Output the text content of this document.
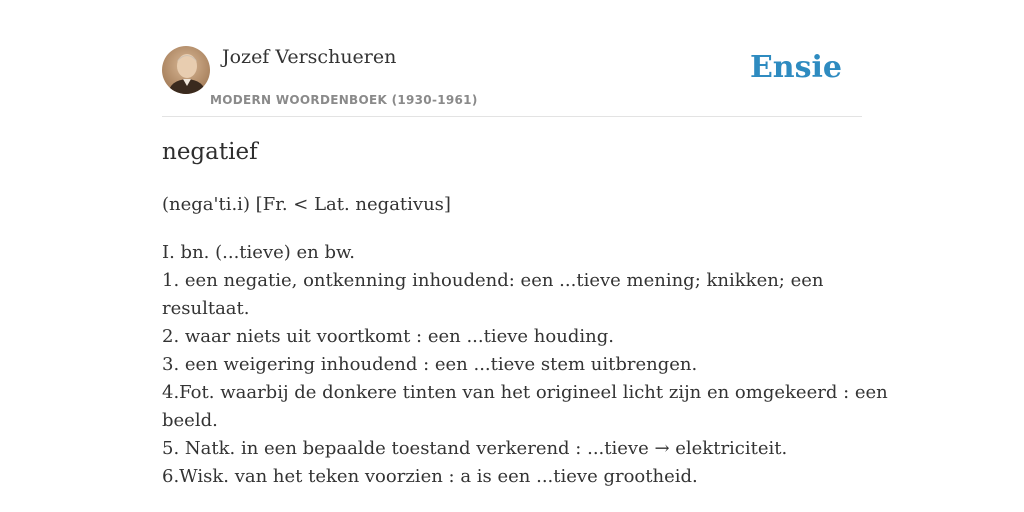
Jozef Verschueren
MODERN WOORDENBOEK (1930-1961)
Ensie
negatief
(nega'ti.i) [Fr. < Lat. negativus]
I. bn. (...tieve) en bw.
1. een negatie, ontkenning inhoudend: een ...tieve mening; knikken; een
resultaat.
2. waar niets uit voortkomt : een ...tieve houding.
3. een weigering inhoudend : een ...tieve stem uitbrengen.
4.Fot. waarbij de donkere tinten van het origineel licht zijn en omgekeerd : een
beeld.
5. Natk. in een bepaalde toestand verkerend : ...tieve → elektriciteit.
6.Wisk. van het teken voorzien : a is een ...tieve grootheid.
